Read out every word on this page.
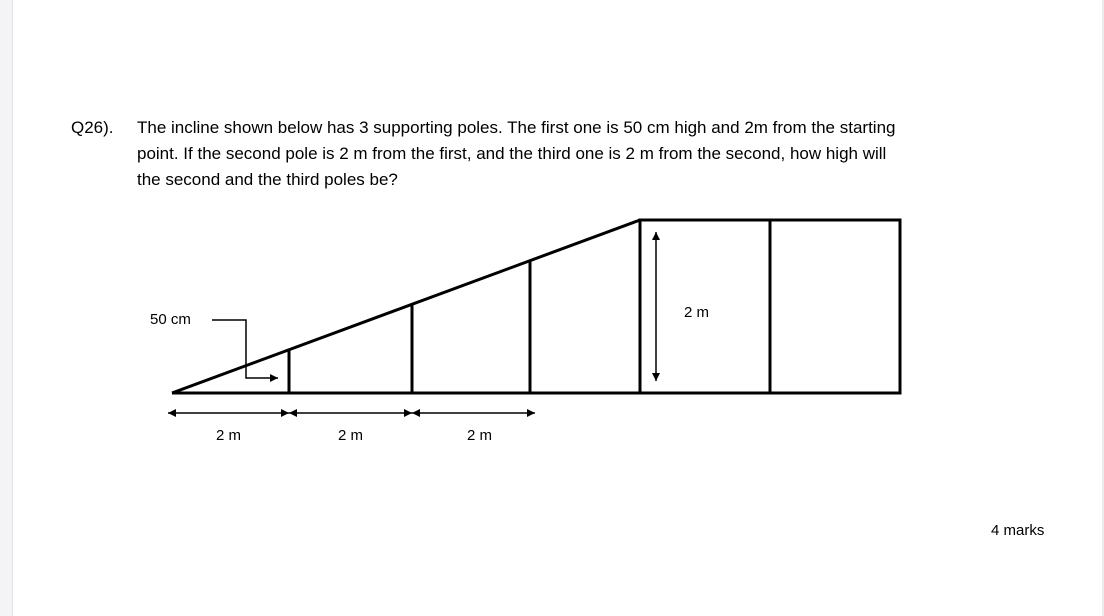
Q26). The incline shown below has 3 supporting poles. The first one is 50 cm high and 2m from the starting
point. If the second pole is 2 m from the first, and the third one is 2 m from the second, how high will
the second and the third poles be?
2 m
50 cm
2 m	2 m	2 m
4 marks
